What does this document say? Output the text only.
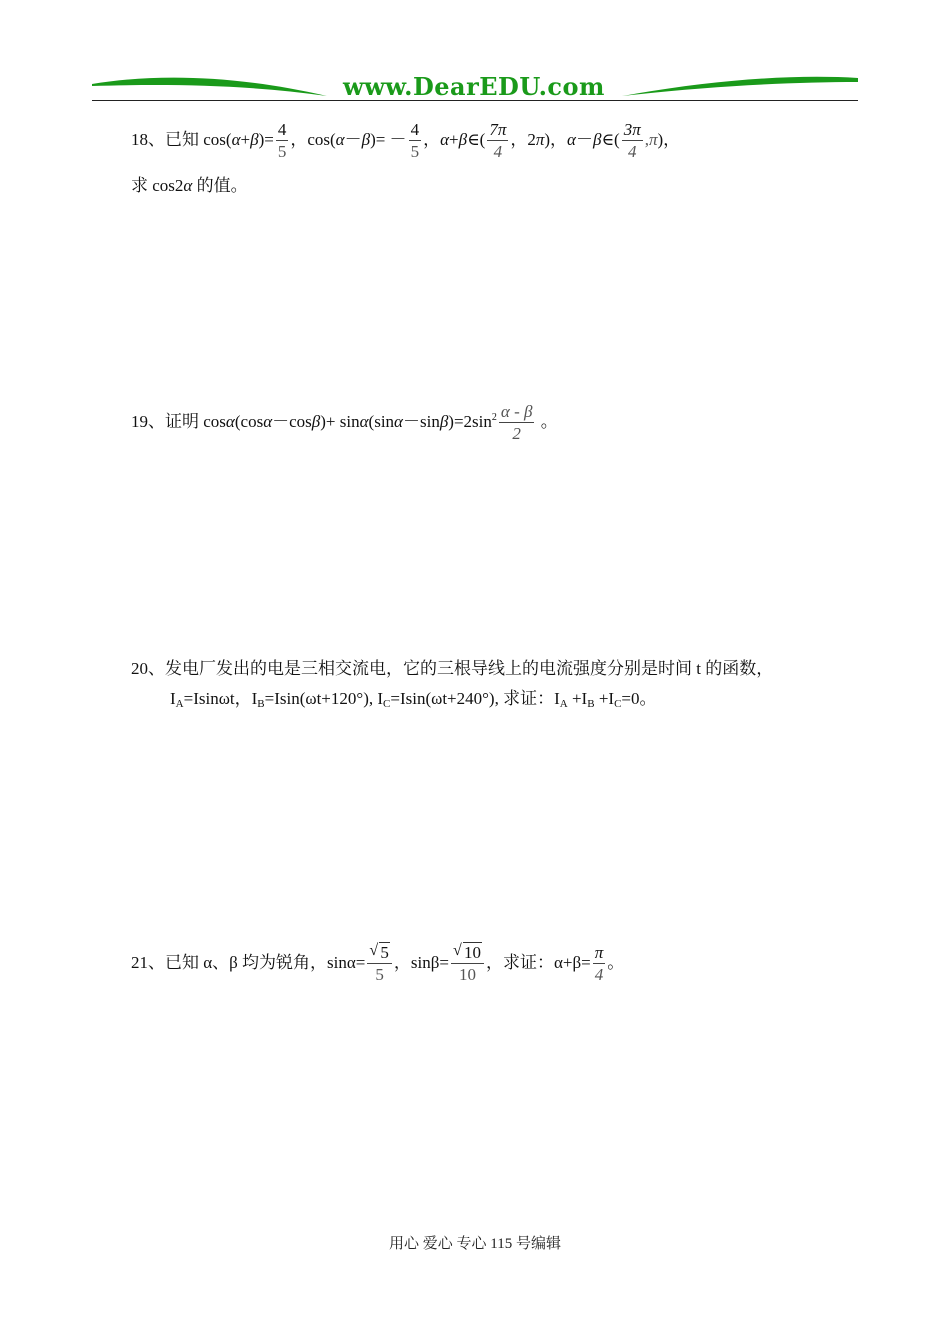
www.DearEDU.com
18、已知 $\cos(\alpha+\beta)= \frac{4}{5}$ ，$\cos(\alpha-\beta)= - \frac{4}{5}$ ，α+β∈( $\frac{7\pi}{4}$ ，2π)，α－β∈( $\frac{3\pi}{4} ,\pi$)，
求 cos2α 的值。
19、证明 $\cos\alpha(\cos\alpha-\cos\beta)+ \sin\alpha(\sin\alpha-\sin\beta)=2\sin^2 \frac{\alpha - \beta}{2}$ 。
20、发电厂发出的电是三相交流电，它的三根导线上的电流强度分别是时间 t 的函数，
$I_A=Isin\omega t$，$I_B=Isin(\omega t+120^\circ)$, $I_C=Isin(\omega t+240^\circ)$, 求证：$I_A +I_B +I_C=0$。
21、已知 α、β 均为锐角，$\sin\alpha= \frac{√ 5}{5}$ ，$\sin\beta= \frac{√ 10}{10}$ ，求证：$\alpha+\beta= \frac{\pi}{4}$ 。
用心 爱心 专心 115 号编辑
